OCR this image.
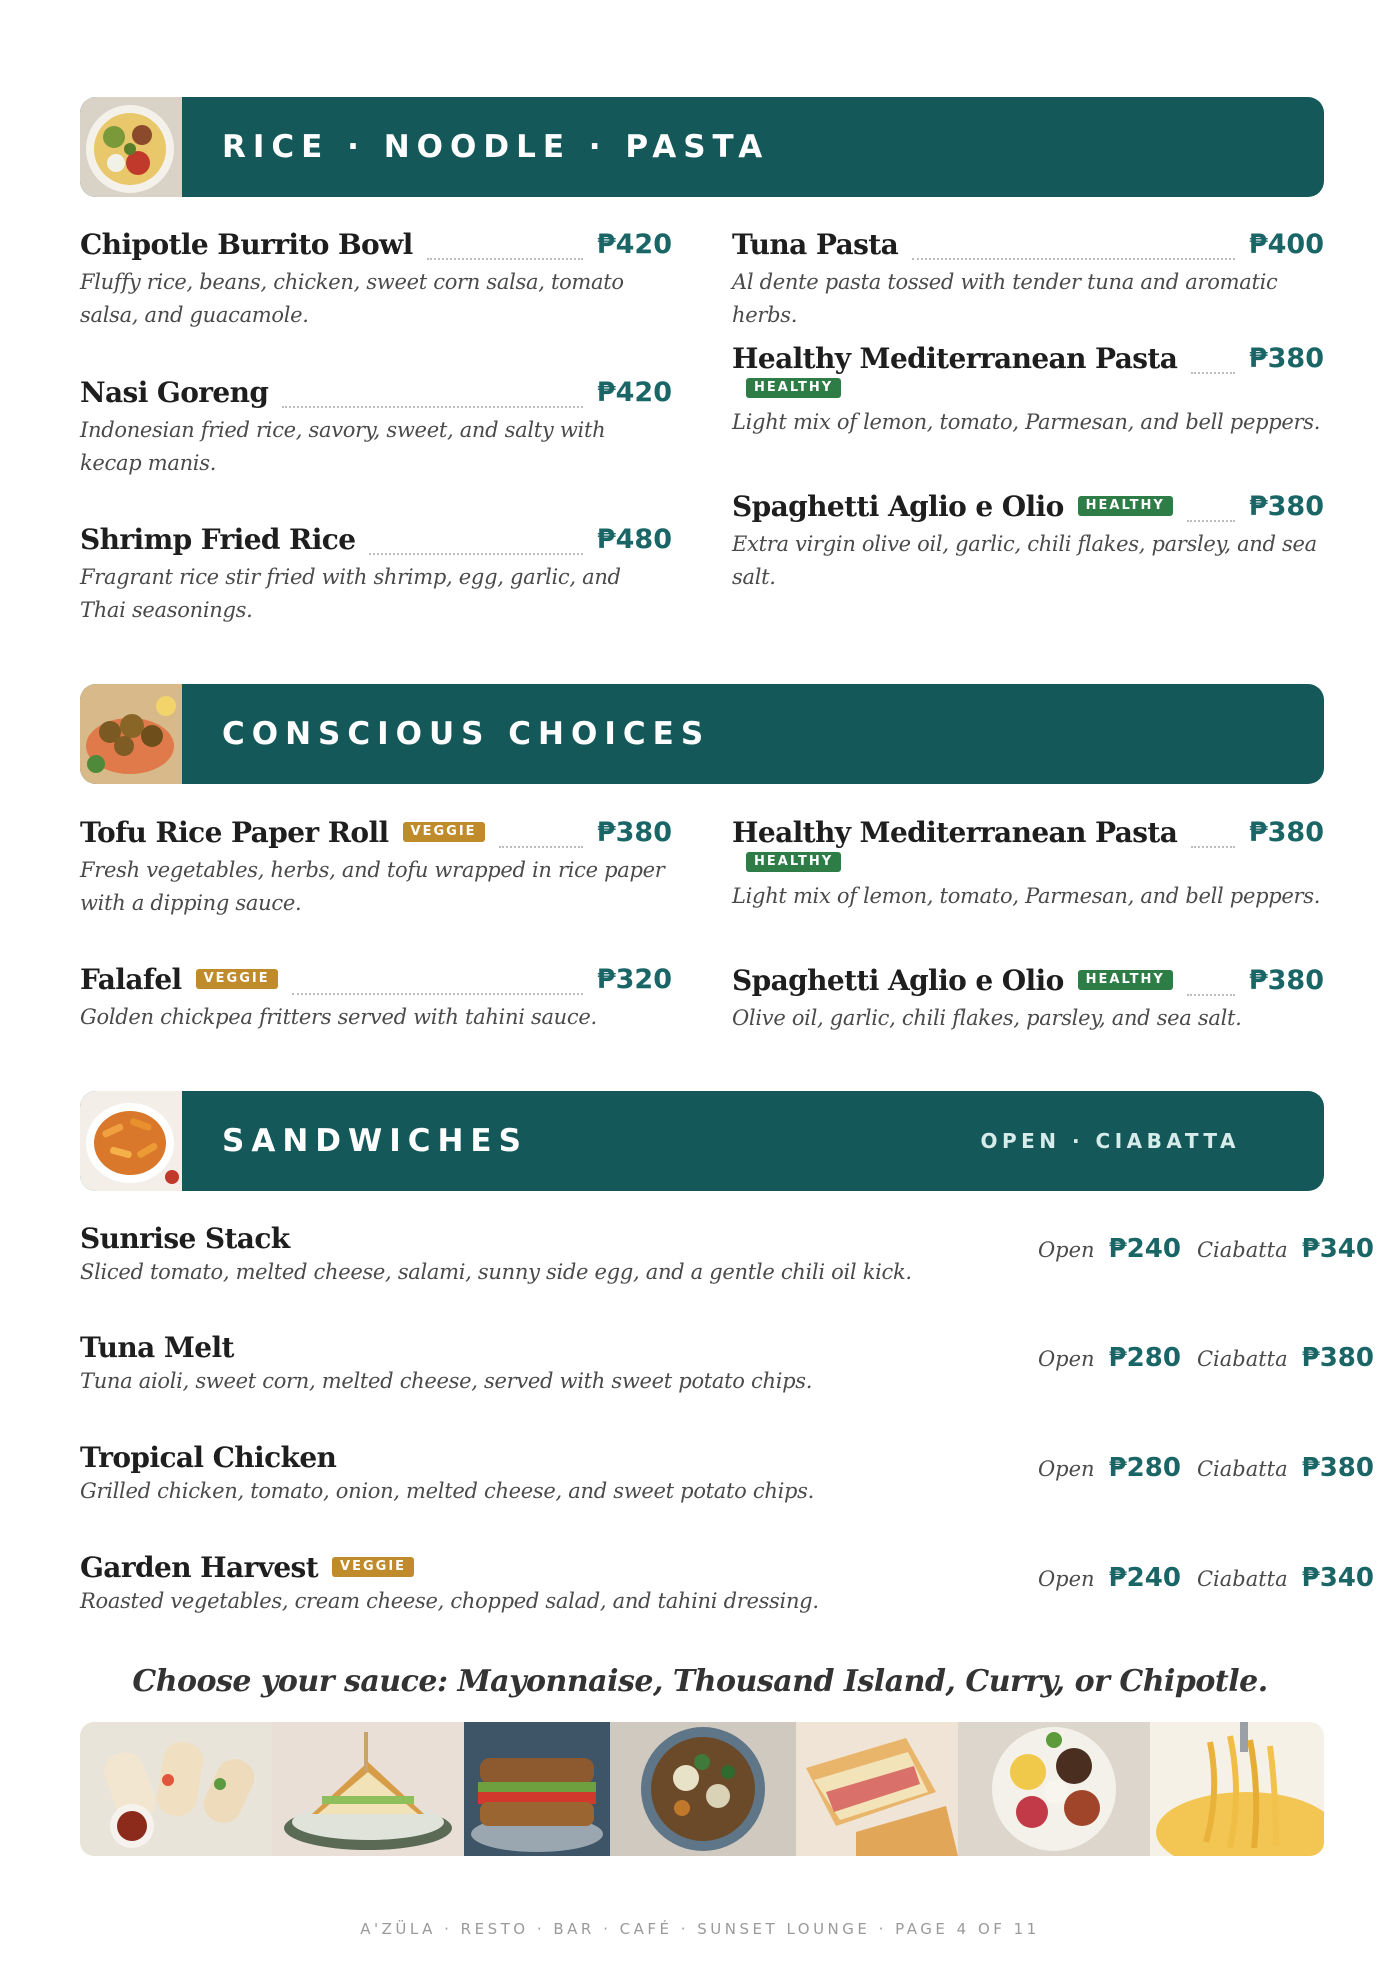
RICE · NOODLE · PASTA
Chipotle Burrito Bowl	₱420
Fluffy rice, beans, chicken, sweet corn salsa, tomato salsa, and guacamole.
Nasi Goreng	₱420
Indonesian fried rice, savory, sweet, and salty with kecap manis.
Shrimp Fried Rice	₱480
Fragrant rice stir fried with shrimp, egg, garlic, and Thai seasonings.
Tuna Pasta	₱400
Al dente pasta tossed with tender tuna and aromatic herbs.
Healthy Mediterranean Pasta	₱380
HEALTHY
Light mix of lemon, tomato, Parmesan, and bell peppers.
Spaghetti Aglio e Olio	HEALTHY	₱380
Extra virgin olive oil, garlic, chili flakes, parsley, and sea salt.
CONSCIOUS CHOICES
Tofu Rice Paper Roll	VEGGIE	₱380
Fresh vegetables, herbs, and tofu wrapped in rice paper with a dipping sauce.
Falafel	VEGGIE	₱320
Golden chickpea fritters served with tahini sauce.
Healthy Mediterranean Pasta	₱380
HEALTHY
Light mix of lemon, tomato, Parmesan, and bell peppers.
Spaghetti Aglio e Olio	HEALTHY	₱380
Olive oil, garlic, chili flakes, parsley, and sea salt.
SANDWICHES	OPEN · CIABATTA
Sunrise Stack
Sliced tomato, melted cheese, salami, sunny side egg, and a gentle chili oil kick.
Open ₱240 Ciabatta ₱340
Tuna Melt
Tuna aioli, sweet corn, melted cheese, served with sweet potato chips.
Open ₱280 Ciabatta ₱380
Tropical Chicken
Grilled chicken, tomato, onion, melted cheese, and sweet potato chips.
Open ₱280 Ciabatta ₱380
Garden Harvest	VEGGIE
Roasted vegetables, cream cheese, chopped salad, and tahini dressing.
Open ₱240 Ciabatta ₱340
Choose your sauce: Mayonnaise, Thousand Island, Curry, or Chipotle.
A'ZÜLA · RESTO · BAR · CAFÉ · SUNSET LOUNGE · PAGE 4 OF 11
